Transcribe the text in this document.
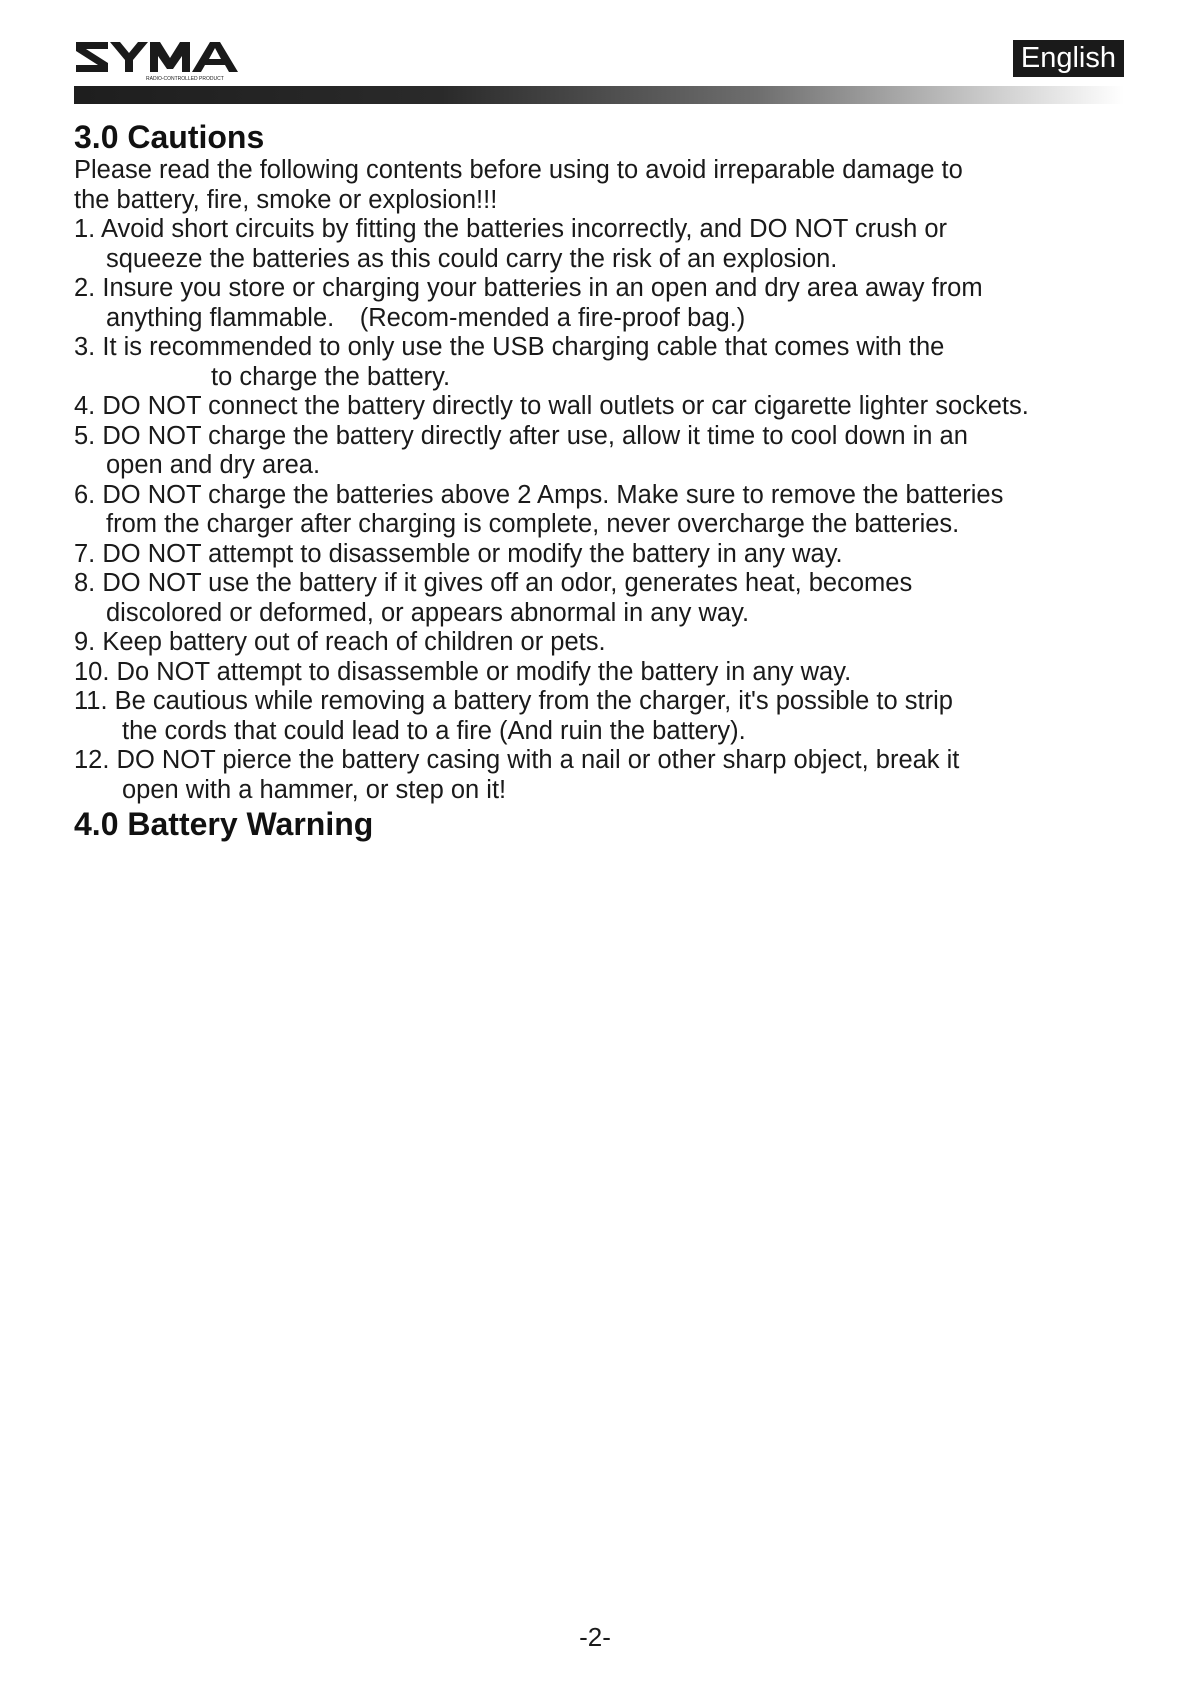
RADIO-CONTROLLED PRODUCT
English
3.0 Cautions

Please read the following contents before using to avoid irreparable damage to
the battery, fire, smoke or explosion!!!

1. Avoid short circuits by fitting the batteries incorrectly, and DO NOT crush or
squeeze the batteries as this could carry the risk of an explosion.
2. Insure you store or charging your batteries in an open and dry area away from
anything flammable.　(Recom-mended a fire-proof bag.)
3. It is recommended to only use the USB charging cable that comes with the
to charge the battery.
4. DO NOT connect the battery directly to wall outlets or car cigarette lighter sockets.
5. DO NOT charge the battery directly after use, allow it time to cool down in an
open and dry area.
6. DO NOT charge the batteries above 2 Amps. Make sure to remove the batteries
from the charger after charging is complete, never overcharge the batteries.
7. DO NOT attempt to disassemble or modify the battery in any way.
8. DO NOT use the battery if it gives off an odor, generates heat, becomes
discolored or deformed, or appears abnormal in any way.
9. Keep battery out of reach of children or pets.
10. Do NOT attempt to disassemble or modify the battery in any way.
11. Be cautious while removing a battery from the charger, it's possible to strip
the cords that could lead to a fire (And ruin the battery).
12. DO NOT pierce the battery casing with a nail or other sharp object, break it
open with a hammer, or step on it!
4.0 Battery Warning
-2-
